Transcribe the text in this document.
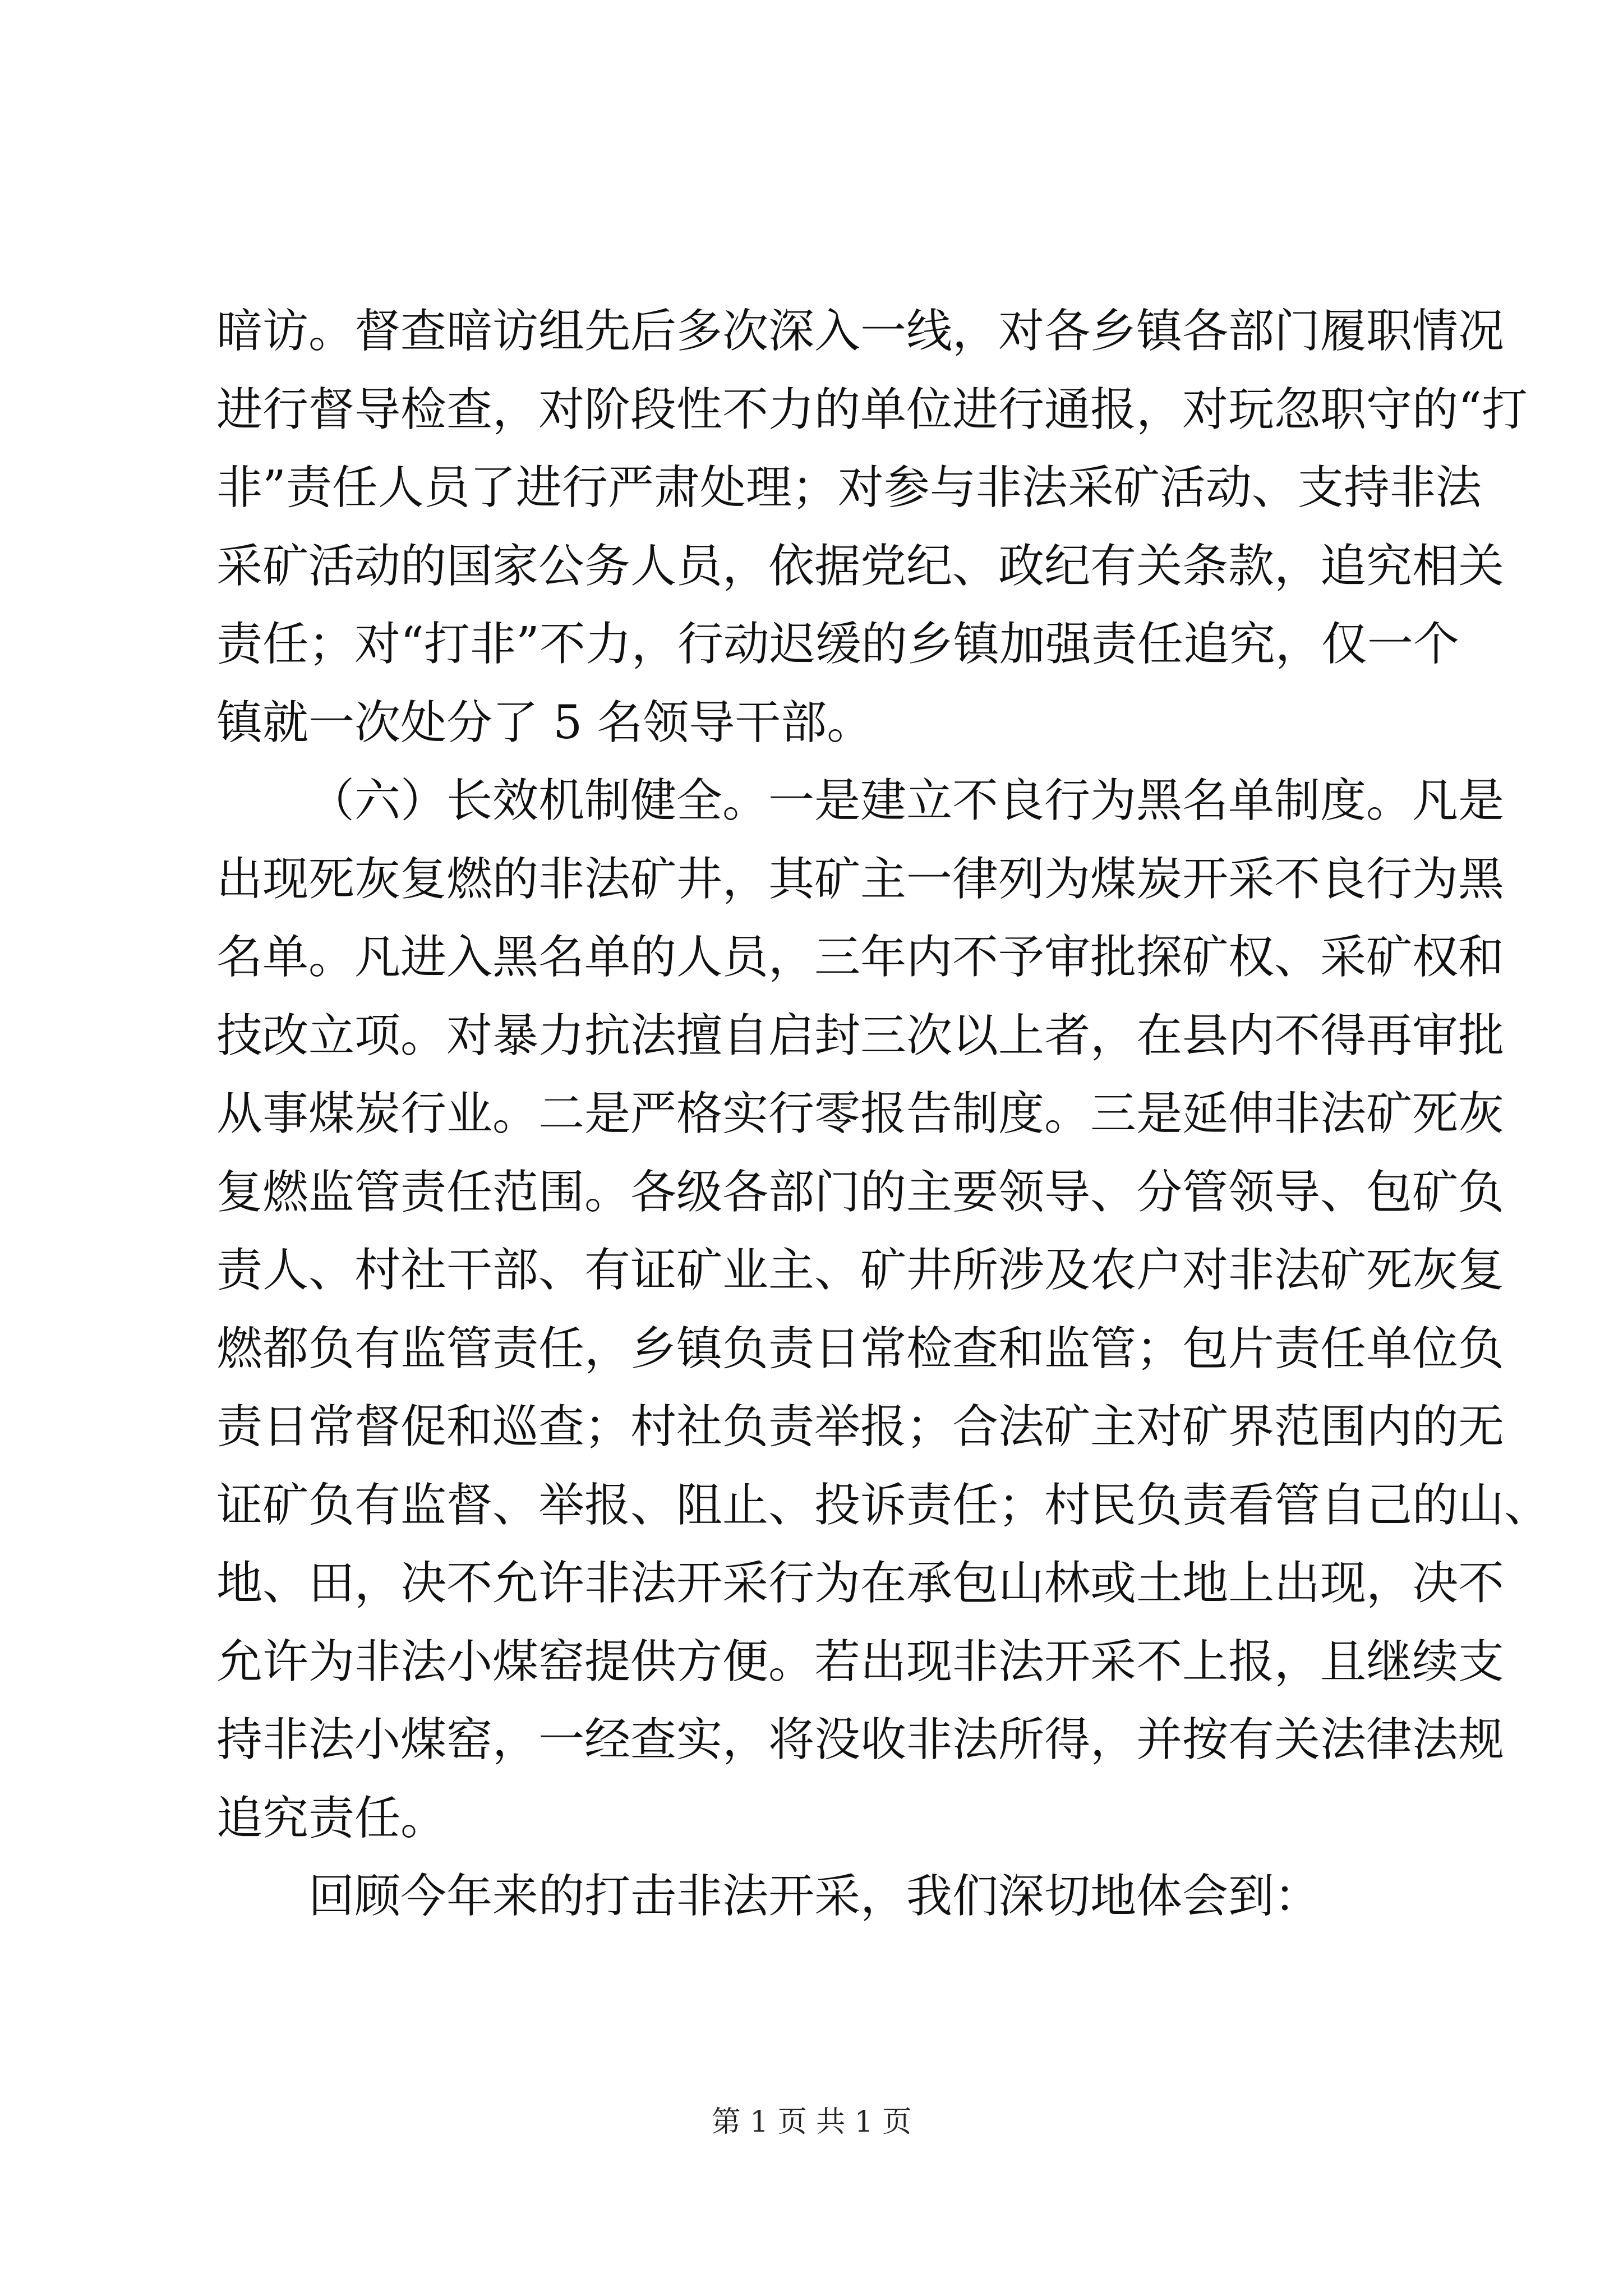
暗访。督查暗访组先后多次深入一线，对各乡镇各部门履职情况
进行督导检查，对阶段性不力的单位进行通报，对玩忽职守的“打
非”责任人员了进行严肃处理；对参与非法采矿活动、支持非法
采矿活动的国家公务人员，依据党纪、政纪有关条款，追究相关
责任；对“打非”不力，行动迟缓的乡镇加强责任追究，仅一个
镇就一次处分了 5 名领导干部。
（六）长效机制健全。一是建立不良行为黑名单制度。凡是
出现死灰复燃的非法矿井，其矿主一律列为煤炭开采不良行为黑
名单。凡进入黑名单的人员，三年内不予审批探矿权、采矿权和
技改立项。对暴力抗法擅自启封三次以上者，在县内不得再审批
从事煤炭行业。二是严格实行零报告制度。三是延伸非法矿死灰
复燃监管责任范围。各级各部门的主要领导、分管领导、包矿负
责人、村社干部、有证矿业主、矿井所涉及农户对非法矿死灰复
燃都负有监管责任，乡镇负责日常检查和监管；包片责任单位负
责日常督促和巡查；村社负责举报；合法矿主对矿界范围内的无
证矿负有监督、举报、阻止、投诉责任；村民负责看管自己的山、
地、田，决不允许非法开采行为在承包山林或土地上出现，决不
允许为非法小煤窑提供方便。若出现非法开采不上报，且继续支
持非法小煤窑，一经查实，将没收非法所得，并按有关法律法规
追究责任。
回顾今年来的打击非法开采，我们深切地体会到：
第 1 页 共 1 页
